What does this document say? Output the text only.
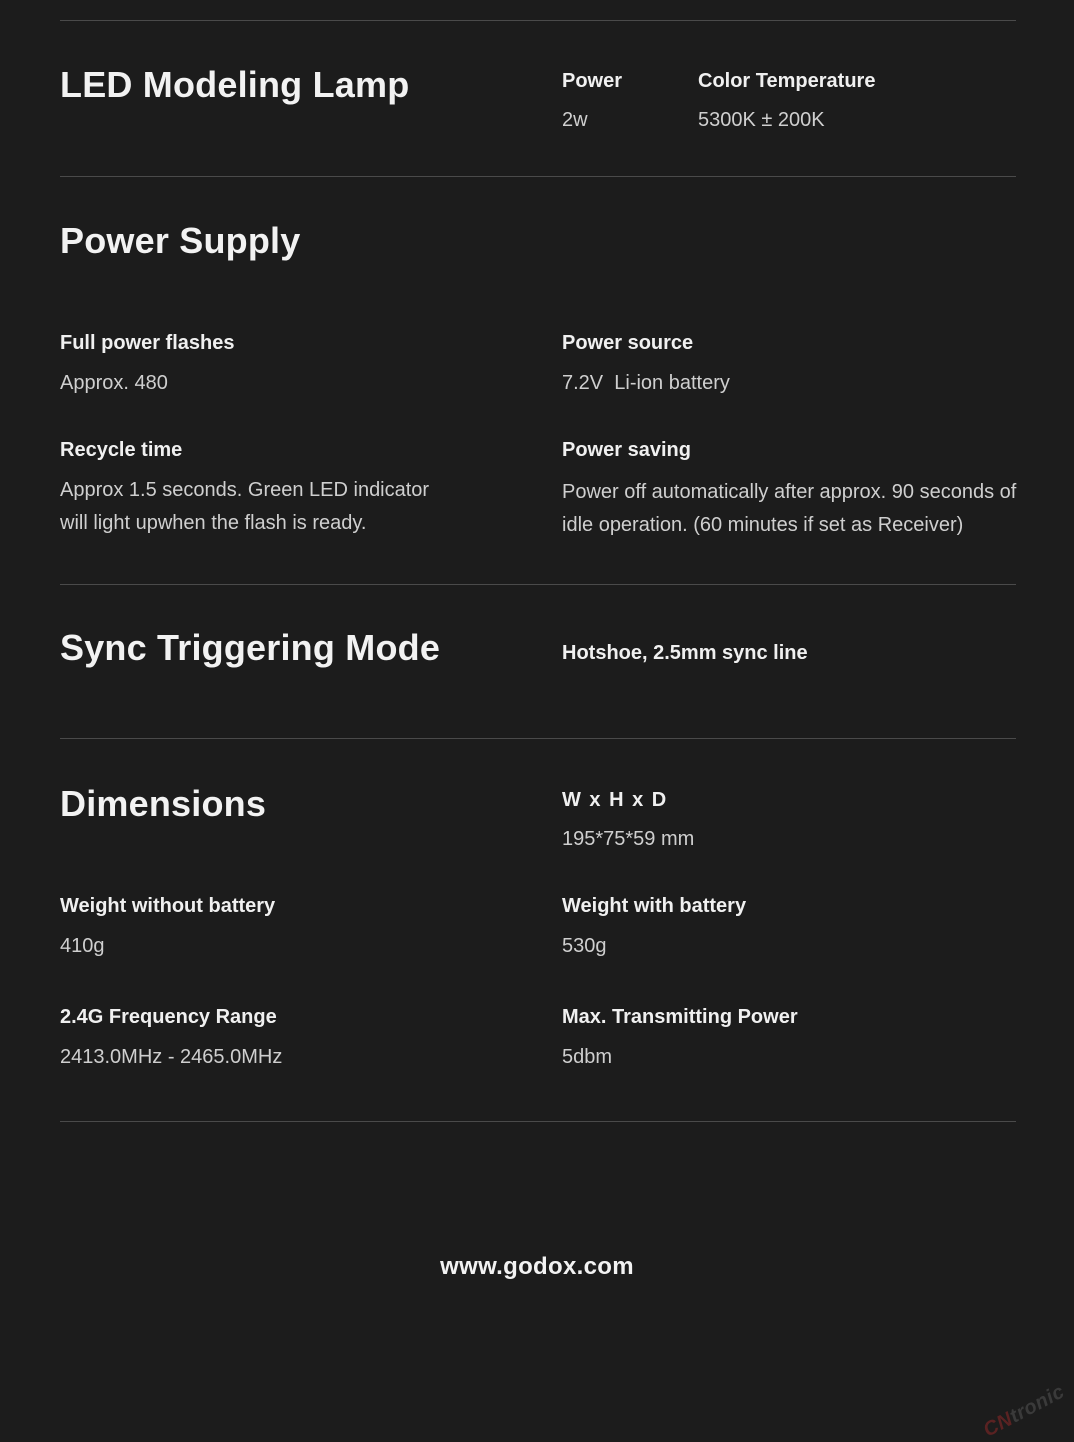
LED Modeling Lamp	Power
2w
Color Temperature
5300K ± 200K
Power Supply
Full power flashes
Approx. 480
Power source
7.2V  Li-ion battery
Recycle time
Approx 1.5 seconds. Green LED indicator will light upwhen the flash is ready.
Power saving
Power off automatically after approx. 90 seconds of idle operation. (60 minutes if set as Receiver)
Sync Triggering Mode	Hotshoe, 2.5mm sync line
Dimensions	W x H x D
195*75*59 mm
Weight without battery
410g
Weight with battery
530g
2.4G Frequency Range
2413.0MHz - 2465.0MHz
Max. Transmitting Power
5dbm
www.godox.com
CNtronic
